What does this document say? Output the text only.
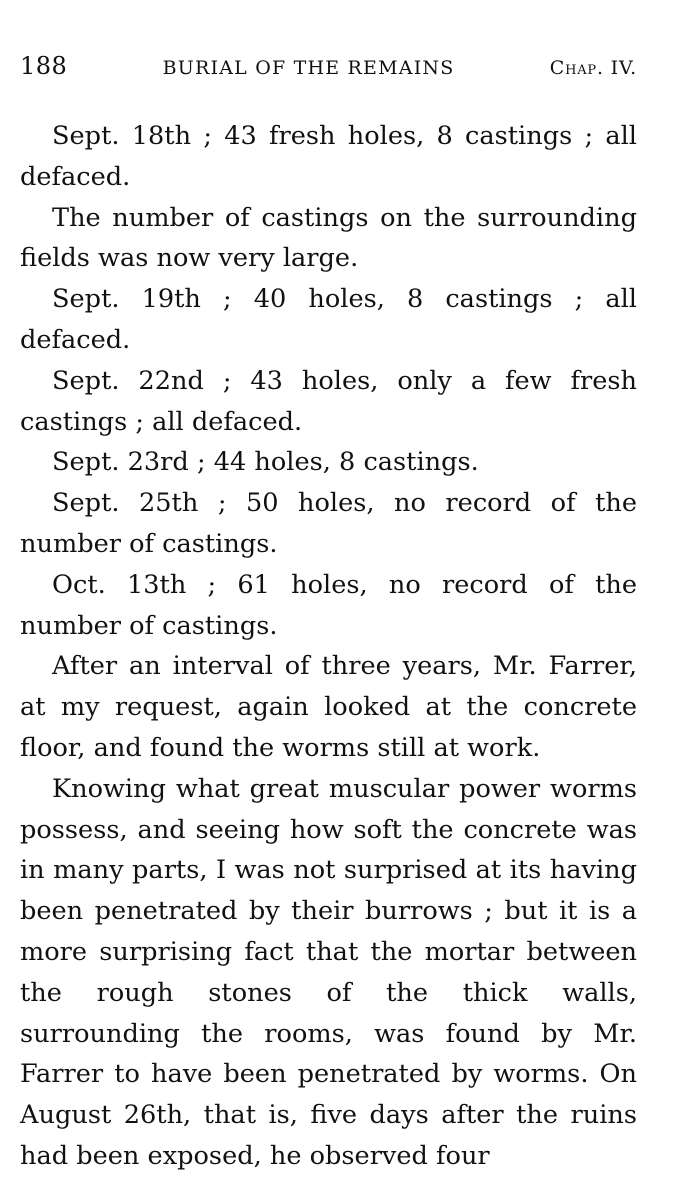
188	BURIAL OF THE REMAINS	Chap. IV.

Sept. 18th ; 43 fresh holes, 8 castings ; all defaced.

The number of castings on the surrounding fields was now very large.

Sept. 19th ; 40 holes, 8 castings ; all defaced.

Sept. 22nd ; 43 holes, only a few fresh castings ; all defaced.

Sept. 23rd ; 44 holes, 8 castings.

Sept. 25th ; 50 holes, no record of the number of castings.

Oct. 13th ; 61 holes, no record of the number of castings.

After an interval of three years, Mr. Farrer, at my request, again looked at the concrete floor, and found the worms still at work.

Knowing what great muscular power worms possess, and seeing how soft the concrete was in many parts, I was not surprised at its having been penetrated by their burrows ; but it is a more surprising fact that the mortar between the rough stones of the thick walls, surrounding the rooms, was found by Mr. Farrer to have been penetrated by worms. On August 26th, that is, five days after the ruins had been exposed, he observed four
